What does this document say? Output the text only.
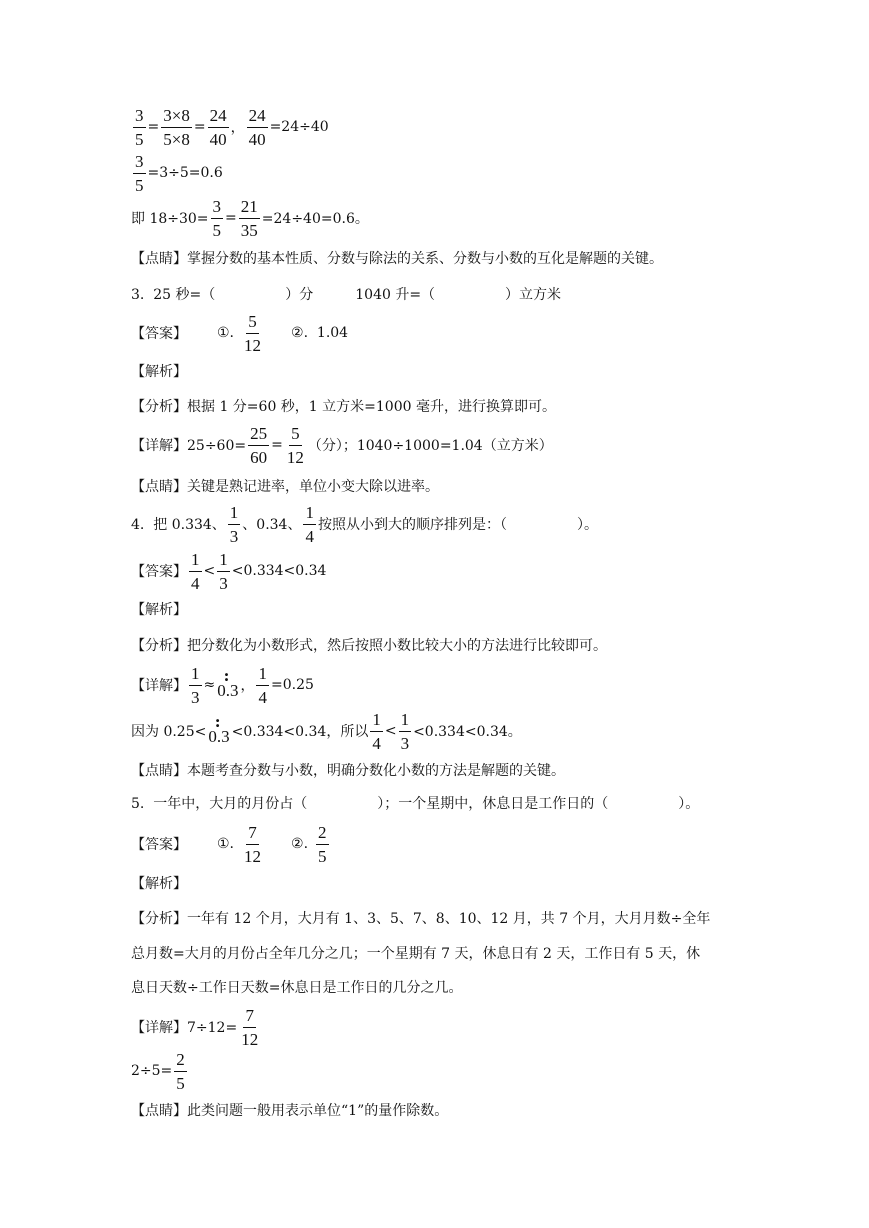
$\frac{3}{5} = \frac{3\times 8}{5\times 8} = \frac{24}{40}$ ， $\frac{24}{40} =24\div 40$
$\frac{3}{5} =3\div 5=0.6$
即 $18\div 30= \frac{3}{5} = \frac{21}{35} =24\div 40=0.6$。
【点睛】掌握分数的基本性质、分数与除法的关系、分数与小数的互化是解题的关键。
3.  25 秒=（　　　　　）分　　　1040 升=（　　　　　）立方米
【答案】 ①. $\frac{5}{12}$ ②.  1.04
【解析】
【分析】根据 1 分=60 秒，1 立方米=1000 毫升，进行换算即可。
【详解】$25\div 60= \frac{25}{60} = \frac{5}{12}$ （分）；1040÷1000=1.04（立方米）
【点睛】关键是熟记进率，单位小变大除以进率。
4.  把 0.334、 $\frac{1}{3}$ 、0.34、 $\frac{1}{4}$ 按照从小到大的顺序排列是：（　　　　　）。
【答案】 $\frac{1}{4} < \frac{1}{3} <0.334<0.34$
【解析】
【分析】把分数化为小数形式，然后按照小数比较大小的方法进行比较即可。
【详解】 $\frac{1}{3}$ ≈ . 0.3 . ， $\frac{1}{4} =0.25$
因为 0.25< . 0.3 . <0.334<0.34，所以 $\frac{1}{4} < \frac{1}{3} <0.334<0.34$。
【点睛】本题考查分数与小数，明确分数化小数的方法是解题的关键。
5.  一年中，大月的月份占（　　　　　）；一个星期中，休息日是工作日的（　　　　　）。
【答案】 ①. $\frac{7}{12}$ ②. $\frac{2}{5}$
【解析】
【分析】一年有 12 个月，大月有 1、3、5、7、8、10、12 月，共 7 个月，大月月数÷全年
总月数=大月的月份占全年几分之几；一个星期有 7 天，休息日有 2 天，工作日有 5 天，休
息日天数÷工作日天数=休息日是工作日的几分之几。
【详解】$7\div 12= \frac{7}{12}$
$2\div 5= \frac{2}{5}$
【点睛】此类问题一般用表示单位“1”的量作除数。
